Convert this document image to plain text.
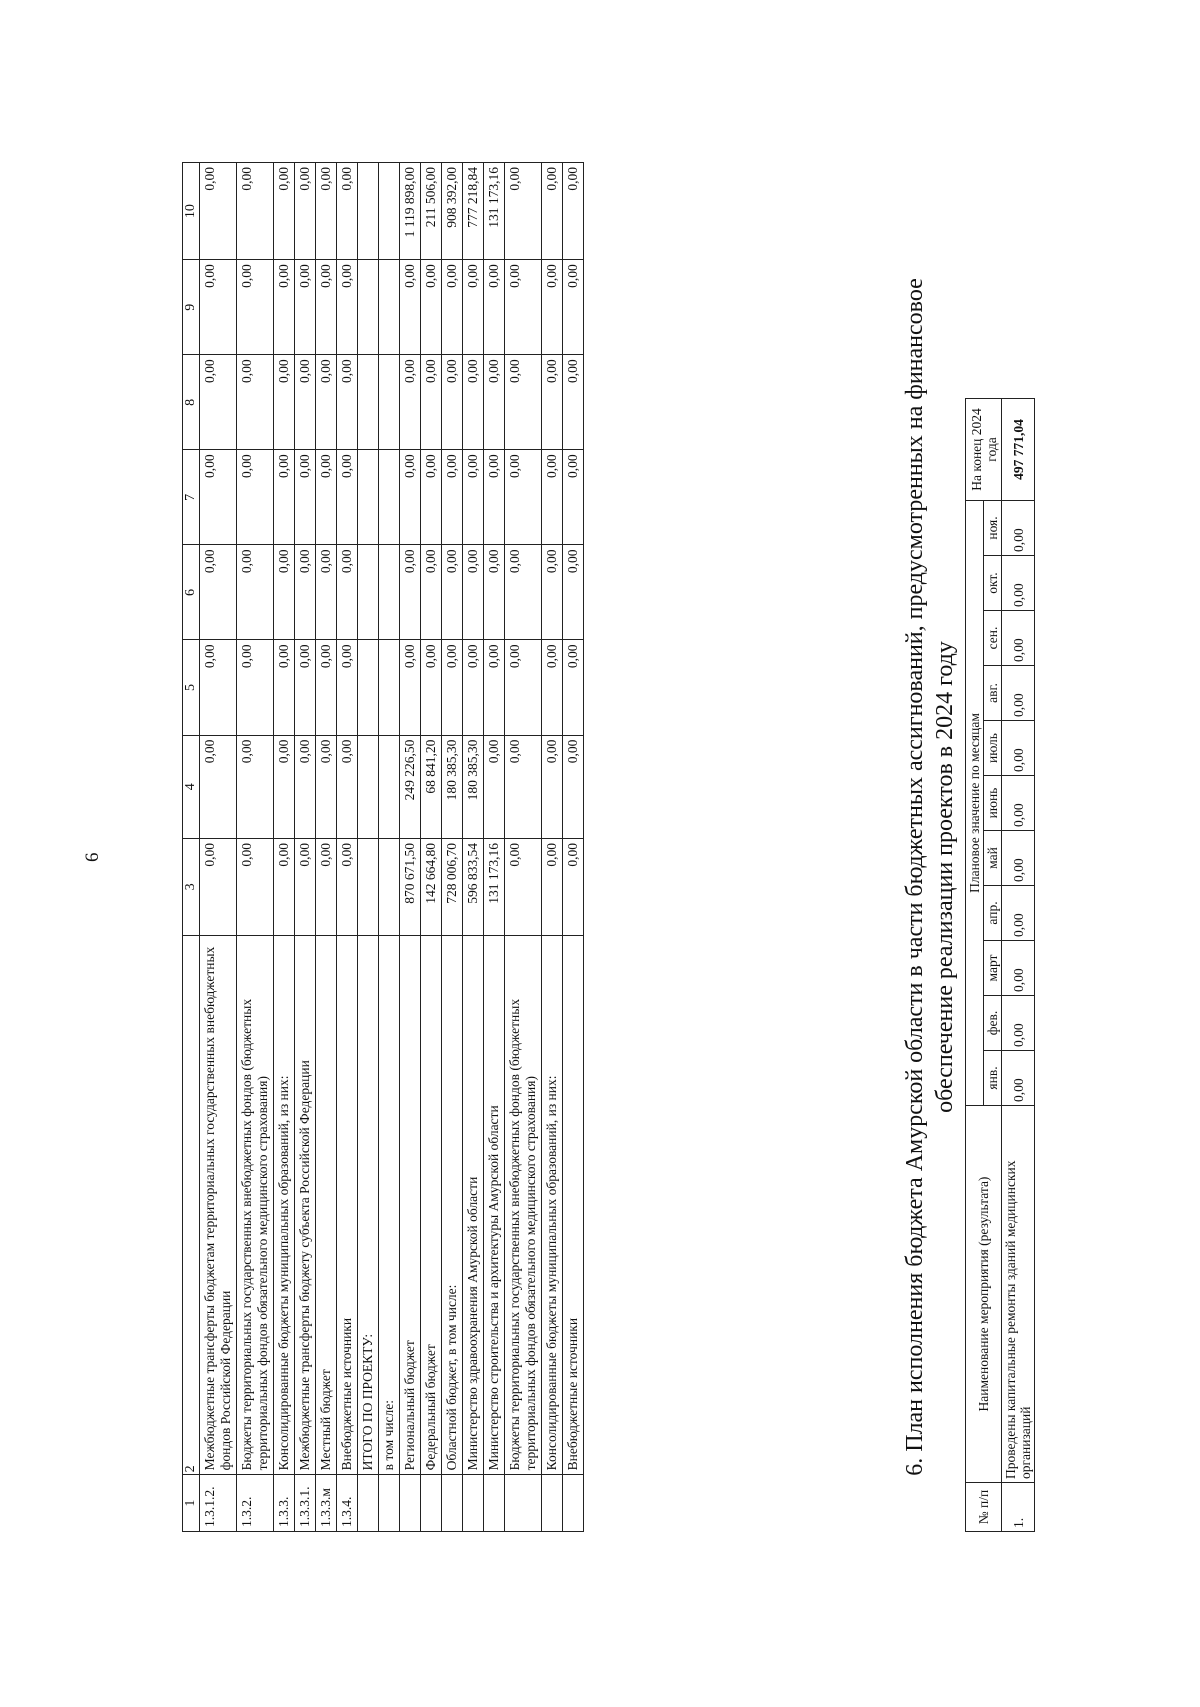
6
1	2	3	4	5	6	7	8	9	10
1.3.1.2.	Межбюджетные трансферты бюджетам территориальных государственных внебюджетных фондов Российской Федерации	0,00	0,00	0,00	0,00	0,00	0,00	0,00	0,00
1.3.2.	Бюджеты территориальных государственных внебюджетных фондов (бюджетных территориальных фондов обязательного медицинского страхования)	0,00	0,00	0,00	0,00	0,00	0,00	0,00	0,00
1.3.3.	Консолидированные бюджеты муниципальных образований, из них:	0,00	0,00	0,00	0,00	0,00	0,00	0,00	0,00
1.3.3.1.	Межбюджетные трансферты бюджету субъекта Российской Федерации	0,00	0,00	0,00	0,00	0,00	0,00	0,00	0,00
1.3.3.м	Местный бюджет	0,00	0,00	0,00	0,00	0,00	0,00	0,00	0,00
1.3.4.	Внебюджетные источники	0,00	0,00	0,00	0,00	0,00	0,00	0,00	0,00
	ИТОГО ПО ПРОЕКТУ:								
	в том числе:								
	Региональный бюджет	870 671,50	249 226,50	0,00	0,00	0,00	0,00	0,00	1 119 898,00
	Федеральный бюджет	142 664,80	68 841,20	0,00	0,00	0,00	0,00	0,00	211 506,00
	Областной бюджет, в том числе:	728 006,70	180 385,30	0,00	0,00	0,00	0,00	0,00	908 392,00
	Министерство здравоохранения Амурской области	596 833,54	180 385,30	0,00	0,00	0,00	0,00	0,00	777 218,84
	Министерство строительства и архитектуры Амурской области	131 173,16	0,00	0,00	0,00	0,00	0,00	0,00	131 173,16
	Бюджеты территориальных государственных внебюджетных фондов (бюджетных территориальных фондов обязательного медицинского страхования)	0,00	0,00	0,00	0,00	0,00	0,00	0,00	0,00
	Консолидированные бюджеты муниципальных образований, из них:	0,00	0,00	0,00	0,00	0,00	0,00	0,00	0,00
	Внебюджетные источники	0,00	0,00	0,00	0,00	0,00	0,00	0,00	0,00
6. План исполнения бюджета Амурской области в части бюджетных ассигнований, предусмотренных на финансовое обеспечение реализации проектов в 2024 году
№ п/п	Наименование мероприятия (результата)	Плановое значение по месяцам											На конец 2024 года
		янв.	фев.	март	апр.	май	июнь	июль	авг.	сен.	окт.	ноя.	
1.	Проведены капитальные ремонты зданий медицинских организаций	0,00	0,00	0,00	0,00	0,00	0,00	0,00	0,00	0,00	0,00	0,00	497 771,04
